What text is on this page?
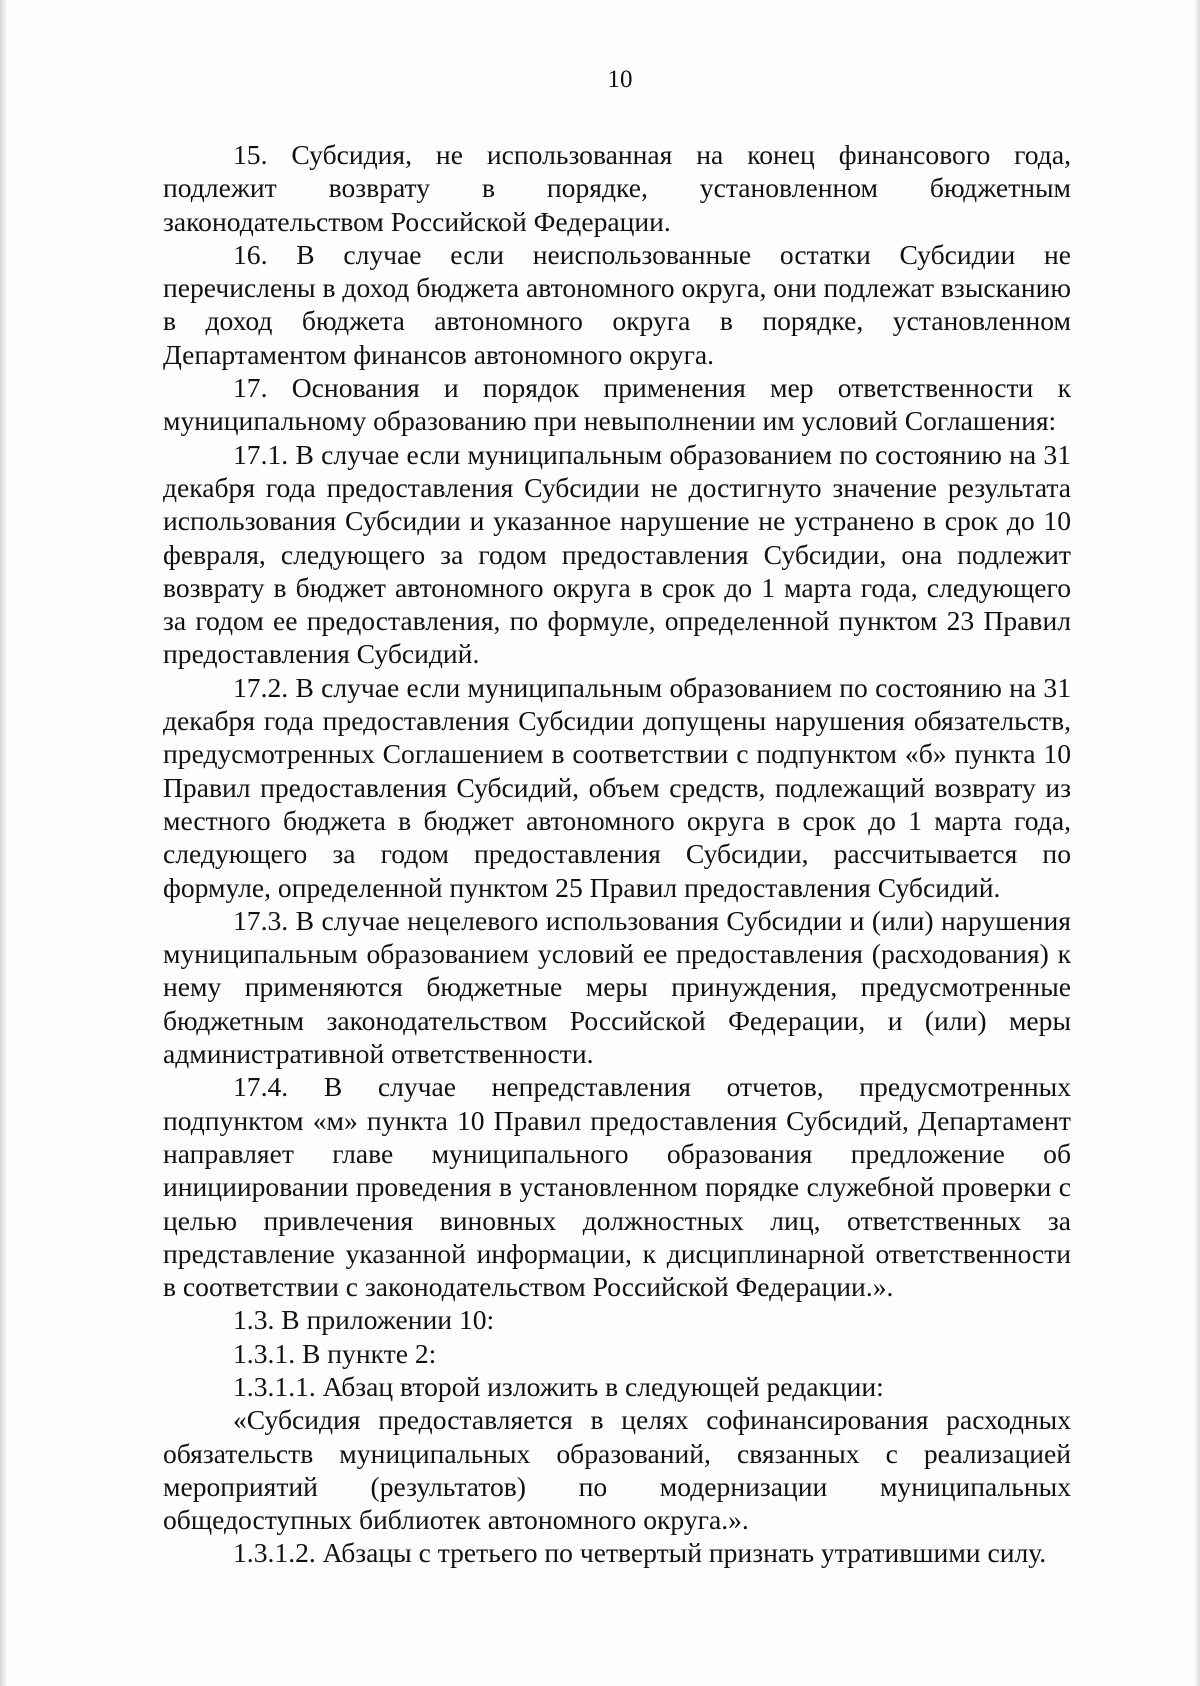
10

15. Субсидия, не использованная на конец финансового года, подлежит возврату в порядке, установленном бюджетным законодательством Российской Федерации.

16. В случае если неиспользованные остатки Субсидии не перечислены в доход бюджета автономного округа, они подлежат взысканию в доход бюджета автономного округа в порядке, установленном Департаментом финансов автономного округа.

17. Основания и порядок применения мер ответственности к муниципальному образованию при невыполнении им условий Соглашения:

17.1. В случае если муниципальным образованием по состоянию на 31 декабря года предоставления Субсидии не достигнуто значение результата использования Субсидии и указанное нарушение не устранено в срок до 10 февраля, следующего за годом предоставления Субсидии, она подлежит возврату в бюджет автономного округа в срок до 1 марта года, следующего за годом ее предоставления, по формуле, определенной пунктом 23 Правил предоставления Субсидий.

17.2. В случае если муниципальным образованием по состоянию на 31 декабря года предоставления Субсидии допущены нарушения обязательств, предусмотренных Соглашением в соответствии с подпунктом «б» пункта 10 Правил предоставления Субсидий, объем средств, подлежащий возврату из местного бюджета в бюджет автономного округа в срок до 1 марта года, следующего за годом предоставления Субсидии, рассчитывается по формуле, определенной пунктом 25 Правил предоставления Субсидий.

17.3. В случае нецелевого использования Субсидии и (или) нарушения муниципальным образованием условий ее предоставления (расходования) к нему применяются бюджетные меры принуждения, предусмотренные бюджетным законодательством Российской Федерации, и (или) меры административной ответственности.

17.4. В случае непредставления отчетов, предусмотренных подпунктом «м» пункта 10 Правил предоставления Субсидий, Департамент направляет главе муниципального образования предложение об инициировании проведения в установленном порядке служебной проверки с целью привлечения виновных должностных лиц, ответственных за представление указанной информации, к дисциплинарной ответственности в соответствии с законодательством Российской Федерации.».

1.3. В приложении 10:

1.3.1. В пункте 2:

1.3.1.1. Абзац второй изложить в следующей редакции:

«Субсидия предоставляется в целях софинансирования расходных обязательств муниципальных образований, связанных с реализацией мероприятий (результатов) по модернизации муниципальных общедоступных библиотек автономного округа.».

1.3.1.2. Абзацы с третьего по четвертый признать утратившими силу.
